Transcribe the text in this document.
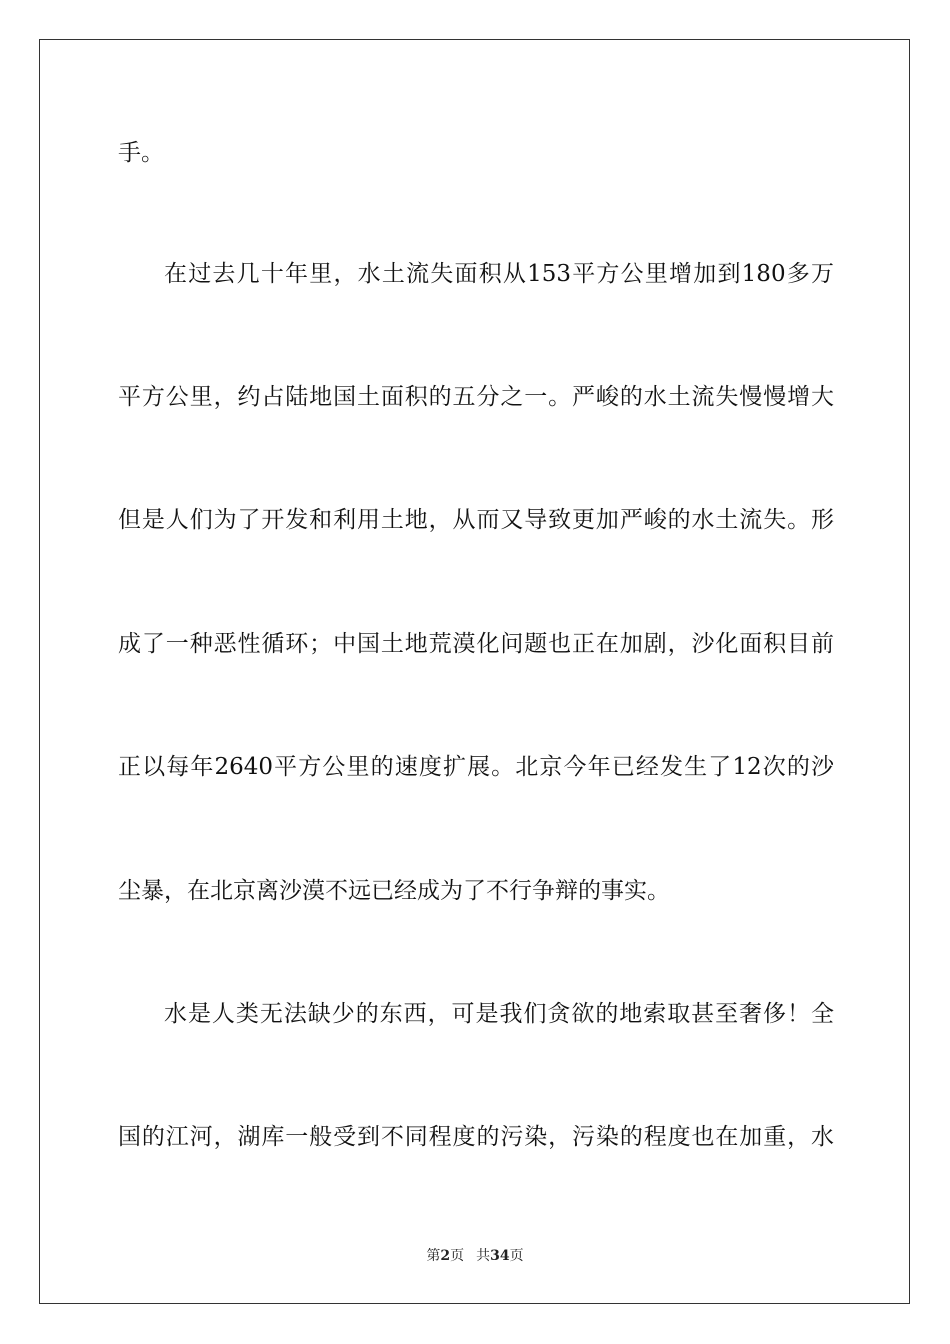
手。
在过去几十年里，水土流失面积从153平方公里增加到180多万
平方公里，约占陆地国土面积的五分之一。严峻的水土流失慢慢增大
但是人们为了开发和利用土地，从而又导致更加严峻的水土流失。形
成了一种恶性循环；中国土地荒漠化问题也正在加剧，沙化面积目前
正以每年2640平方公里的速度扩展。北京今年已经发生了12次的沙
尘暴，在北京离沙漠不远已经成为了不行争辩的事实。
水是人类无法缺少的东西，可是我们贪欲的地索取甚至奢侈！全
国的江河，湖库一般受到不同程度的污染，污染的程度也在加重，水
第2页 共34页
